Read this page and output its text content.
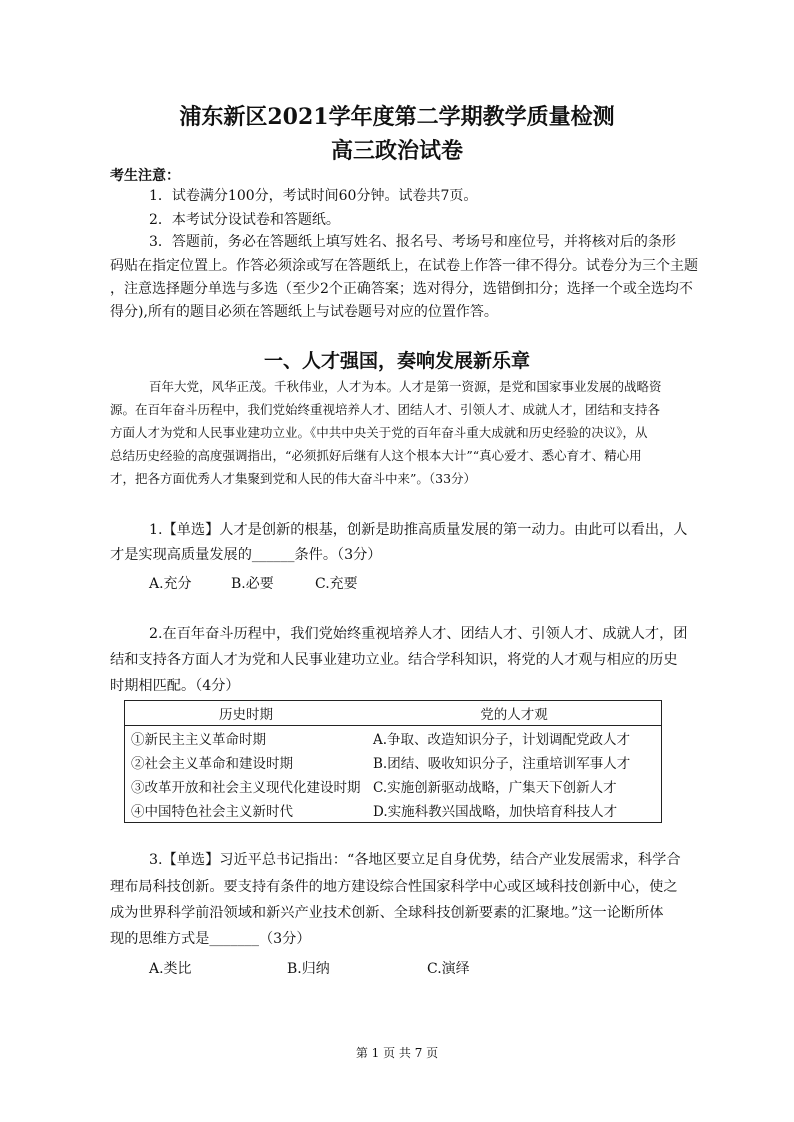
浦东新区2021学年度第二学期教学质量检测
高三政治试卷
考生注意：
1．试卷满分100分，考试时间60分钟。试卷共7页。
2．本考试分设试卷和答题纸。
3．答题前，务必在答题纸上填写姓名、报名号、考场号和座位号，并将核对后的条形
码贴在指定位置上。作答必须涂或写在答题纸上，在试卷上作答一律不得分。试卷分为三个主题
，注意选择题分单选与多选（至少2个正确答案；选对得分，选错倒扣分；选择一个或全选均不
得分),所有的题目必须在答题纸上与试卷题号对应的位置作答。
一、人才强国，奏响发展新乐章
百年大党，风华正茂。千秋伟业，人才为本。人才是第一资源，是党和国家事业发展的战略资
源。在百年奋斗历程中，我们党始终重视培养人才、团结人才、引领人才、成就人才，团结和支持各
方面人才为党和人民事业建功立业。《中共中央关于党的百年奋斗重大成就和历史经验的决议》，从
总结历史经验的高度强调指出，“必须抓好后继有人这个根本大计”“真心爱才、悉心育才、精心用
才，把各方面优秀人才集聚到党和人民的伟大奋斗中来”。（33分）
1.【单选】人才是创新的根基，创新是助推高质量发展的第一动力。由此可以看出，人
才是实现高质量发展的______条件。（3分）
A.充分	B.必要	C.充要
2.在百年奋斗历程中，我们党始终重视培养人才、团结人才、引领人才、成就人才，团
结和支持各方面人才为党和人民事业建功立业。结合学科知识，将党的人才观与相应的历史
时期相匹配。（4分）
历史时期	党的人才观
①新民主主义革命时期	A.争取、改造知识分子，计划调配党政人才
②社会主义革命和建设时期	B.团结、吸收知识分子，注重培训军事人才
③改革开放和社会主义现代化建设时期	C.实施创新驱动战略，广集天下创新人才
④中国特色社会主义新时代	D.实施科教兴国战略，加快培育科技人才
3.【单选】习近平总书记指出：“各地区要立足自身优势，结合产业发展需求，科学合
理布局科技创新。要支持有条件的地方建设综合性国家科学中心或区域科技创新中心，使之
成为世界科学前沿领域和新兴产业技术创新、全球科技创新要素的汇聚地。”这一论断所体
现的思维方式是_______（3分）
A.类比	B.归纳	C.演绎
第 1 页 共 7 页
